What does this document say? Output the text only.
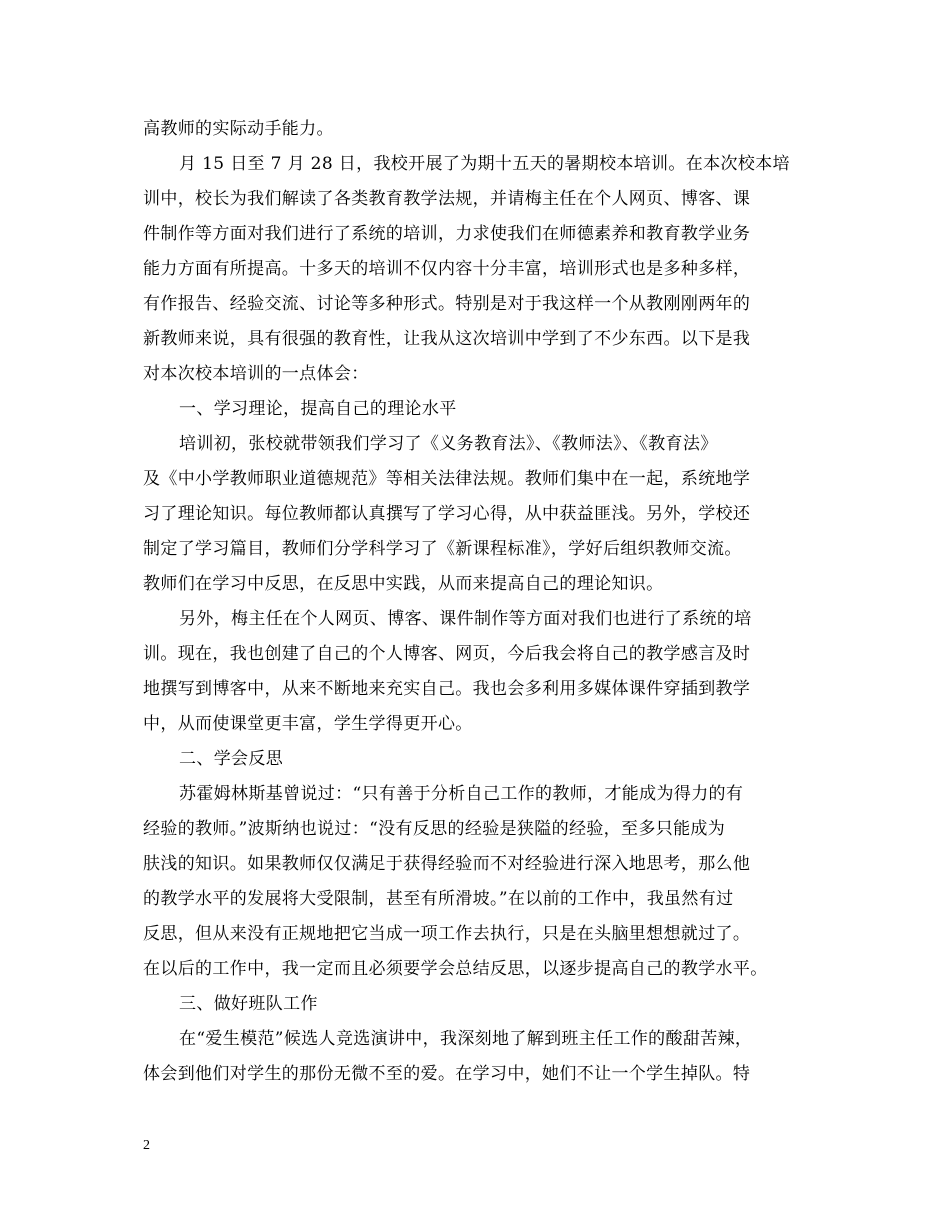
高教师的实际动手能力。
月 15 日至 7 月 28 日，我校开展了为期十五天的暑期校本培训。在本次校本培
训中，校长为我们解读了各类教育教学法规，并请梅主任在个人网页、博客、课
件制作等方面对我们进行了系统的培训，力求使我们在师德素养和教育教学业务
能力方面有所提高。十多天的培训不仅内容十分丰富，培训形式也是多种多样，
有作报告、经验交流、讨论等多种形式。特别是对于我这样一个从教刚刚两年的
新教师来说，具有很强的教育性，让我从这次培训中学到了不少东西。以下是我
对本次校本培训的一点体会：
一、学习理论，提高自己的理论水平
培训初，张校就带领我们学习了《义务教育法》、《教师法》、《教育法》
及《中小学教师职业道德规范》等相关法律法规。教师们集中在一起，系统地学
习了理论知识。每位教师都认真撰写了学习心得，从中获益匪浅。另外，学校还
制定了学习篇目，教师们分学科学习了《新课程标准》，学好后组织教师交流。
教师们在学习中反思，在反思中实践，从而来提高自己的理论知识。
另外，梅主任在个人网页、博客、课件制作等方面对我们也进行了系统的培
训。现在，我也创建了自己的个人博客、网页，今后我会将自己的教学感言及时
地撰写到博客中，从来不断地来充实自己。我也会多利用多媒体课件穿插到教学
中，从而使课堂更丰富，学生学得更开心。
二、学会反思
苏霍姆林斯基曾说过：“只有善于分析自己工作的教师，才能成为得力的有
经验的教师。”波斯纳也说过：“没有反思的经验是狭隘的经验，至多只能成为
肤浅的知识。如果教师仅仅满足于获得经验而不对经验进行深入地思考，那么他
的教学水平的发展将大受限制，甚至有所滑坡。”在以前的工作中，我虽然有过
反思，但从来没有正规地把它当成一项工作去执行，只是在头脑里想想就过了。
在以后的工作中，我一定而且必须要学会总结反思，以逐步提高自己的教学水平。
三、做好班队工作
在“爱生模范”候选人竞选演讲中，我深刻地了解到班主任工作的酸甜苦辣，
体会到他们对学生的那份无微不至的爱。在学习中，她们不让一个学生掉队。特
2
